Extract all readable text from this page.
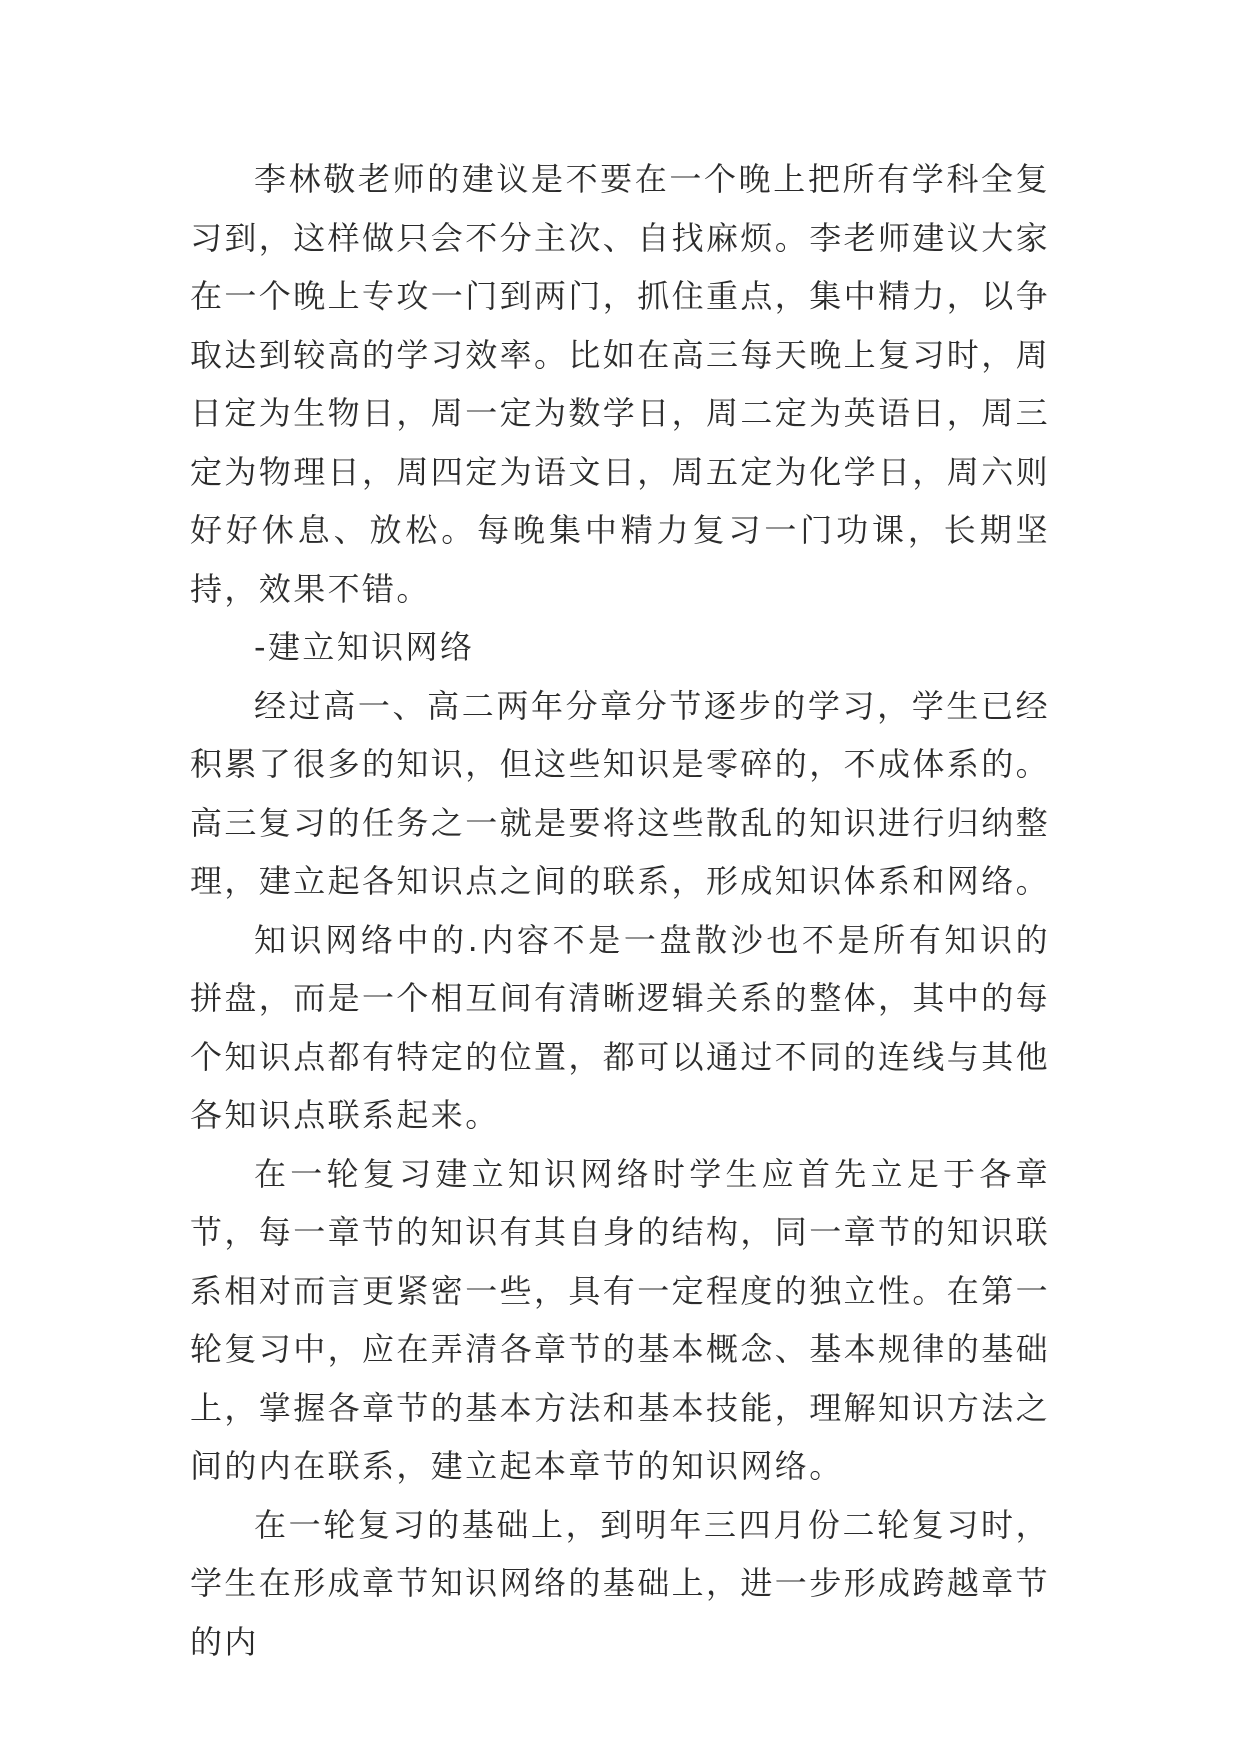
李林敬老师的建议是不要在一个晚上把所有学科全复习到，这样做只会不分主次、自找麻烦。李老师建议大家在一个晚上专攻一门到两门，抓住重点，集中精力，以争取达到较高的学习效率。比如在高三每天晚上复习时，周日定为生物日，周一定为数学日，周二定为英语日，周三定为物理日，周四定为语文日，周五定为化学日，周六则好好休息、放松。每晚集中精力复习一门功课，长期坚持，效果不错。

-建立知识网络

经过高一、高二两年分章分节逐步的学习，学生已经积累了很多的知识，但这些知识是零碎的，不成体系的。高三复习的任务之一就是要将这些散乱的知识进行归纳整理，建立起各知识点之间的联系，形成知识体系和网络。

知识网络中的.内容不是一盘散沙也不是所有知识的拼盘，而是一个相互间有清晰逻辑关系的整体，其中的每个知识点都有特定的位置，都可以通过不同的连线与其他各知识点联系起来。

在一轮复习建立知识网络时学生应首先立足于各章节，每一章节的知识有其自身的结构，同一章节的知识联系相对而言更紧密一些，具有一定程度的独立性。在第一轮复习中，应在弄清各章节的基本概念、基本规律的基础上，掌握各章节的基本方法和基本技能，理解知识方法之间的内在联系，建立起本章节的知识网络。

在一轮复习的基础上，到明年三四月份二轮复习时，学生在形成章节知识网络的基础上，进一步形成跨越章节的内
